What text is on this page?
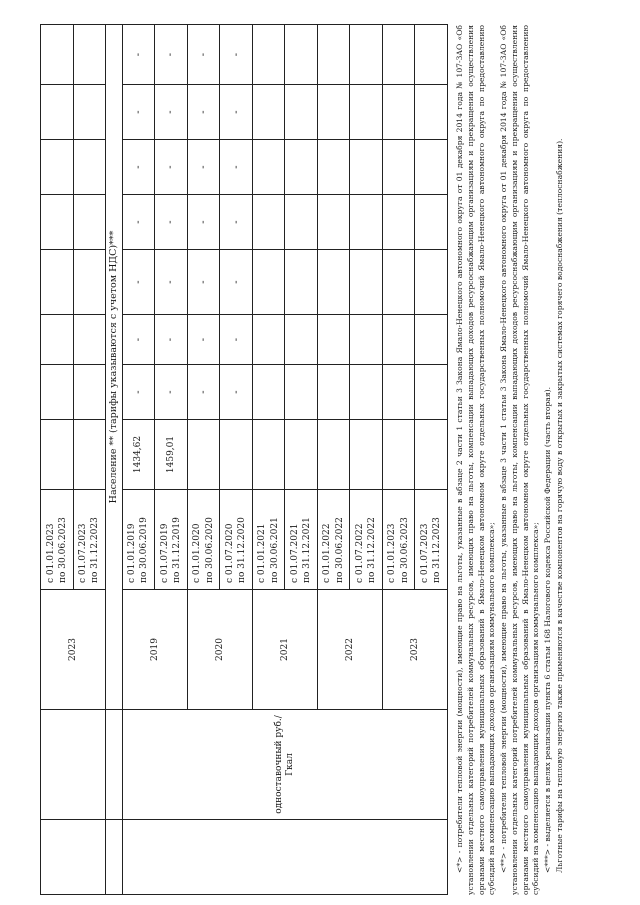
		2023	с 01.01.2023 по 30.06.2023								
			с 01.07.2023 по 31.12.2023								
		Население ** (тарифы указываются с учетом НДС)***									
	одноставочный руб./Гкал	2019	с 01.01.2019 по 30.06.2019	1434,62	-	-	-	-	-	-	-
			с 01.07.2019 по 31.12.2019	1459,01	-	-	-	-	-	-	-
		2020	с 01.01.2020 по 30.06.2020		-	-	-	-	-	-	-
			с 01.07.2020 по 31.12.2020		-	-	-	-	-	-	-
		2021	с 01.01.2021 по 30.06.2021								
			с 01.07.2021 по 31.12.2021								
		2022	с 01.01.2022 по 30.06.2022								
			с 01.07.2022 по 31.12.2022								
		2023	с 01.01.2023 по 30.06.2023								
			с 01.07.2023 по 31.12.2023								<*> - потребители тепловой энергии (мощности), имеющие право на льготы, указанные в абзаце 2 части 1 статьи 3 Закона Ямало-Ненецкого автономного округа от 01 декабря 2014 года № 107-ЗАО «Об установлении отдельных категорий потребителей коммунальных ресурсов, имеющих право на льготы, компенсации выпадающих доходов ресурсоснабжающим организациям и прекращении осуществления органами местного самоуправления муниципальных образований в Ямало-Ненецком автономном округе отдельных государственных полномочий Ямало-Ненецкого автономного округа по предоставлению субсидий на компенсацию выпадающих доходов организациям коммунального комплекса»; <**> - потребители тепловой энергии (мощности), имеющие право на льготы, указанные в абзаце 3 части 1 статьи 3 Закона Ямало-Ненецкого автономного округа от 01 декабря 2014 года № 107-ЗАО «Об установлении отдельных категорий потребителей коммунальных ресурсов, имеющих право на льготы, компенсации выпадающих доходов ресурсоснабжающим организациям и прекращении осуществления органами местного самоуправления муниципальных образований в Ямало-Ненецком автономном округе отдельных государственных полномочий Ямало-Ненецкого автономного округа по предоставлению субсидий на компенсацию выпадающих доходов организациям коммунального комплекса»; <***> - выделяется в целях реализации пункта 6 статьи 168 Налогового кодекса Российской Федерации (часть вторая). Льготные тарифы на тепловую энергию также применяются в качестве компонентов на горячую воду в открытых и закрытых системах горячего водоснабжения (теплоснабжения).
